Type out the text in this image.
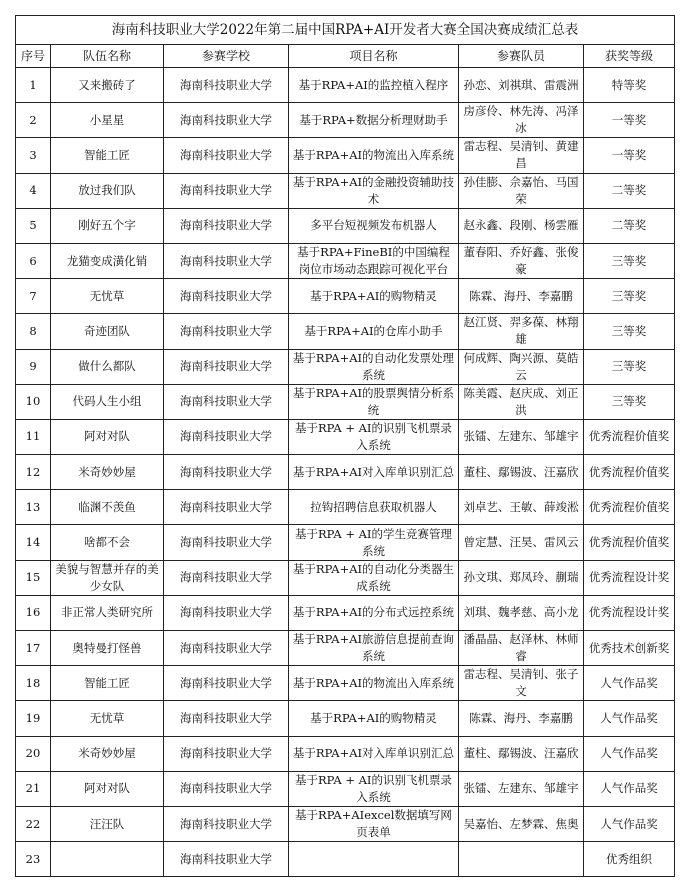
海南科技职业大学2022年第二届中国RPA+AI开发者大赛全国决赛成绩汇总表					
序号	队伍名称	参赛学校	项目名称	参赛队员	获奖等级
1	又来搬砖了	海南科技职业大学	基于RPA+AI的监控植入程序	孙恋、刘祺琪、雷震洲	特等奖
2	小星星	海南科技职业大学	基于RPA+数据分析理财助手	房彦伶、林先涛、冯泽冰	一等奖
3	智能工匠	海南科技职业大学	基于RPA+AI的物流出入库系统	雷志程、吴清钊、黄建昌	一等奖
4	放过我们队	海南科技职业大学	基于RPA+AI的金融投资辅助技术	孙佳膨、佘嘉怡、马国荣	二等奖
5	刚好五个字	海南科技职业大学	多平台短视频发布机器人	赵永鑫、段刚、杨雲雁	二等奖
6	龙猫变成潢化销	海南科技职业大学	基于RPA+FineBI的中国编程岗位市场动态跟踪可视化平台	董春阳、乔好鑫、张俊豪	三等奖
7	无忧草	海南科技职业大学	基于RPA+AI的购物精灵	陈霖、海丹、李嘉鹏	三等奖
8	奇迹团队	海南科技职业大学	基于RPA+AI的仓库小助手	赵江贤、羿多葆、林翔雄	三等奖
9	做什么都队	海南科技职业大学	基于RPA+AI的自动化发票处理系统	何成辉、陶兴源、莫皓云	三等奖
10	代码人生小组	海南科技职业大学	基于RPA+AI的股票舆情分析系统	陈美霞、赵庆成、刘正洪	三等奖
11	阿对对队	海南科技职业大学	基于RPA + AI的识别飞机票录入系统	张镭、左建东、邹雄宇	优秀流程价值奖
12	米奇妙妙屋	海南科技职业大学	基于RPA+AI对入库单识别汇总	董柱、鄢锡波、汪嘉欣	优秀流程价值奖
13	临渊不羡鱼	海南科技职业大学	拉钩招聘信息获取机器人	刘卓艺、王敏、薛竣淞	优秀流程价值奖
14	啥都不会	海南科技职业大学	基于RPA + AI的学生竞赛管理系统	曾定慧、汪昊、雷风云	优秀流程价值奖
15	美貌与智慧并存的美少女队	海南科技职业大学	基于RPA+AI的自动化分类器生成系统	孙文琪、郑凤玲、蒯瑞	优秀流程设计奖
16	非正常人类研究所	海南科技职业大学	基于RPA+AI的分布式远控系统	刘琪、魏孝慈、高小龙	优秀流程设计奖
17	奥特曼打怪兽	海南科技职业大学	基于RPA+AI旅游信息提前查询系统	潘晶晶、赵泽林、林师睿	优秀技术创新奖
18	智能工匠	海南科技职业大学	基于RPA+AI的物流出入库系统	雷志程、吴清钊、张子文	人气作品奖
19	无忧草	海南科技职业大学	基于RPA+AI的购物精灵	陈霖、海丹、李嘉鹏	人气作品奖
20	米奇妙妙屋	海南科技职业大学	基于RPA+AI对入库单识别汇总	董柱、鄢锡波、汪嘉欣	人气作品奖
21	阿对对队	海南科技职业大学	基于RPA + AI的识别飞机票录入系统	张镭、左建东、邹雄宇	人气作品奖
22	汪汪队	海南科技职业大学	基于RPA+AIexcel数据填写网页表单	吴嘉怡、左梦霖、焦奥	人气作品奖
23		海南科技职业大学			优秀组织
